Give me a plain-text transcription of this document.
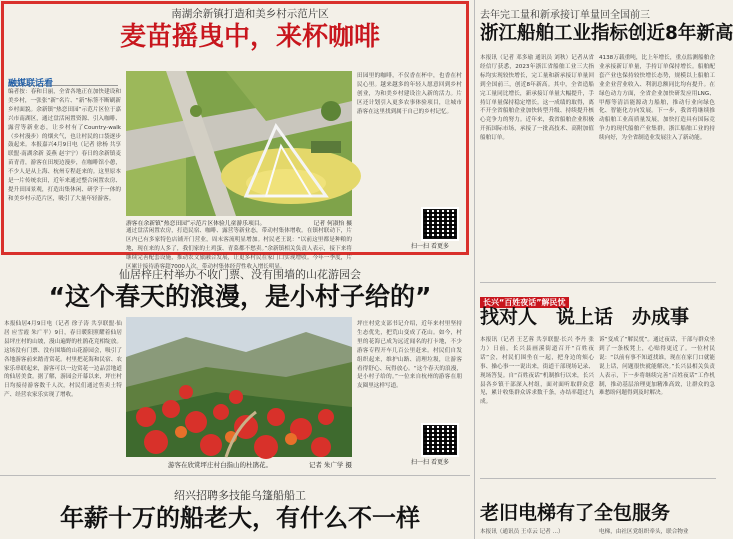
南湖余新镇打造和美乡村示范片区
麦苗摇曳中，来杯咖啡
融媒联话看
编者按：春和日丽，全省各地正在加快建设和美乡村，一张张“新”名片、“新”标签不断刷新乡村面貌。余新镇“热恋田园”示范片区位于嘉兴市南湖区，通过盘活闲置资源、引入咖啡、露营等新业态，让乡村有了Country-walk（乡村漫步）的烟火气，也让村民的口袋逐步鼓起来。本报嘉兴4月9日电（记者 徐杨 共享联盟·南湖余新 姜燕 赵宇宁）春日的余新镇麦苗青青，游客在田埂边漫步，在咖啡馆小憩，不少人是从上海、杭州专程赶来的。这里原本是一片传统农田，近年来通过整合闲置农房、提升田园景观，打造出集休闲、研学于一体的和美乡村示范片区，吸引了大量年轻游客。
游客在余新镇“热恋田园”示范片区体验儿童游乐项目。	记者 何淑怡 摄
通过盘活闲置农房，打造民宿、咖啡、露营等新业态，带动村集体增收。在镇村联动下，片区内已有多家特色店铺开门营业，周末客流明显增加。村民老王说：“以前这里都是种粮的地，现在来的人多了，我们家的土鸡蛋、青菜都不愁卖。”余新镇相关负责人表示，接下来将继续完善配套设施，推动农文旅融合发展，让更多村民在家门口实现增收。今年一季度，片区累计接待游客超7000人次，带动村集体经营性收入增长明显。
田园里的咖啡，不仅香在杯中，也香在村民心里。越来越多的年轻人愿意回到乡村创业，为和美乡村建设注入新的活力。片区还计划引入更多农事体验项目，让城市游客在这里找到属于自己的乡村记忆。
扫一扫 看更多
仙居梓庄村举办不收门票、没有围墙的山花游园会
“这个春天的浪漫，是小村子给的”
本报仙居4月9日电（记者 徐子涛 共享联盟·仙居 应雪霞 朱广平）9日，春日暖阳照耀着仙居县坪庄村的山坡，漫山遍野的杜鹃花竞相绽放。这场没有门票、没有围墙的山花游园会，吸引了各地游客前来踏青赏花。村里把花海和民宿、农家乐串联起来，游客可以一边赏花一边品尝地道的仙居美食。据了解，游园会开幕以来，坪庄村日均接待游客数千人次，村民们通过售卖土特产、经营农家乐实现了增收。
游客在欣赏坪庄村白指山的杜鹃花。	记者 朱广学 摄
坪庄村党支部书记介绍，近年来村里坚持生态优先，把荒山变成了花山。如今，村里的花海已成为远近闻名的打卡地，不少游客专程开车几百公里赶来。村民们自发组织起来，维护山路、清理垃圾，让游客看得舒心、玩得放心。“这个春天的浪漫，是小村子给的。”一位来自杭州的游客在朋友圈里这样写道。
扫一扫 看更多
绍兴招聘多技能乌篷船船工
年薪十万的船老大，有什么不一样
去年完工量和新承接订单量回全国前三
浙江船舶工业指标创近8年新高
本报讯（记者 邓多瑜 通讯员 刘秋）记者从省经信厅获悉，2023年浙江省船舶工业三大指标均实现较快增长，完工量和新承接订单量回到全国前三，创近8年新高。其中，全省造船完工量同比增长，新承接订单量大幅提升，手持订单量保持稳定增长。这一成绩的取得，离不开全省船舶企业加快转型升级、持续提升核心竞争力的努力。近年来，我省船舶企业积极开拓国际市场，承接了一批高技术、高附加值船舶订单。
4138万载重吨，比上年增长，重点监测船舶企业承接新订单量，手持订单保持增长。船舶配套产业也保持较快增长态势，规模以上船舶工业企业营业收入、利润总额同比均有提升。在绿色动力方面，全省企业加快研发应用LNG、甲醇等清洁能源动力船舶，推动行业向绿色化、智能化方向发展。下一步，我省将继续推动船舶工业高质量发展，加快打造具有国际竞争力的现代船舶产业集群。浙江船舶工业的持续向好，为全省制造业发展注入了新动能。
长兴“百姓夜话”解民忧
找对人　说上话　办成事
本报讯（记者 王艺蓉 共享联盟·长兴 李丹 张力）日前，长兴县画溪街道召开“百姓夜话”会，村民们围坐在一起，把身边的烦心事、操心事一一说出来，街道干部现场记录、现场答复。自“百姓夜话”机制推行以来，长兴县各乡镇干部深入村组，面对面听取群众意见，累计收集群众诉求数千条，办结率超过九成。
诉”变成了“解民忧”。通过夜话，干部与群众坐到了一条板凳上，心贴得更近了。一位村民说：“以前有事不知道找谁，现在在家门口就能说上话，问题很快就能解决。”长兴县相关负责人表示，下一步将继续完善“百姓夜话”工作机制，推动基层治理更加精准高效，让群众的急难愁盼问题得到及时解决。
老旧电梯有了全包服务
本报讯（通讯员 王卓云 记者 …）	电梯，由社区党组织牵头，联合物业
